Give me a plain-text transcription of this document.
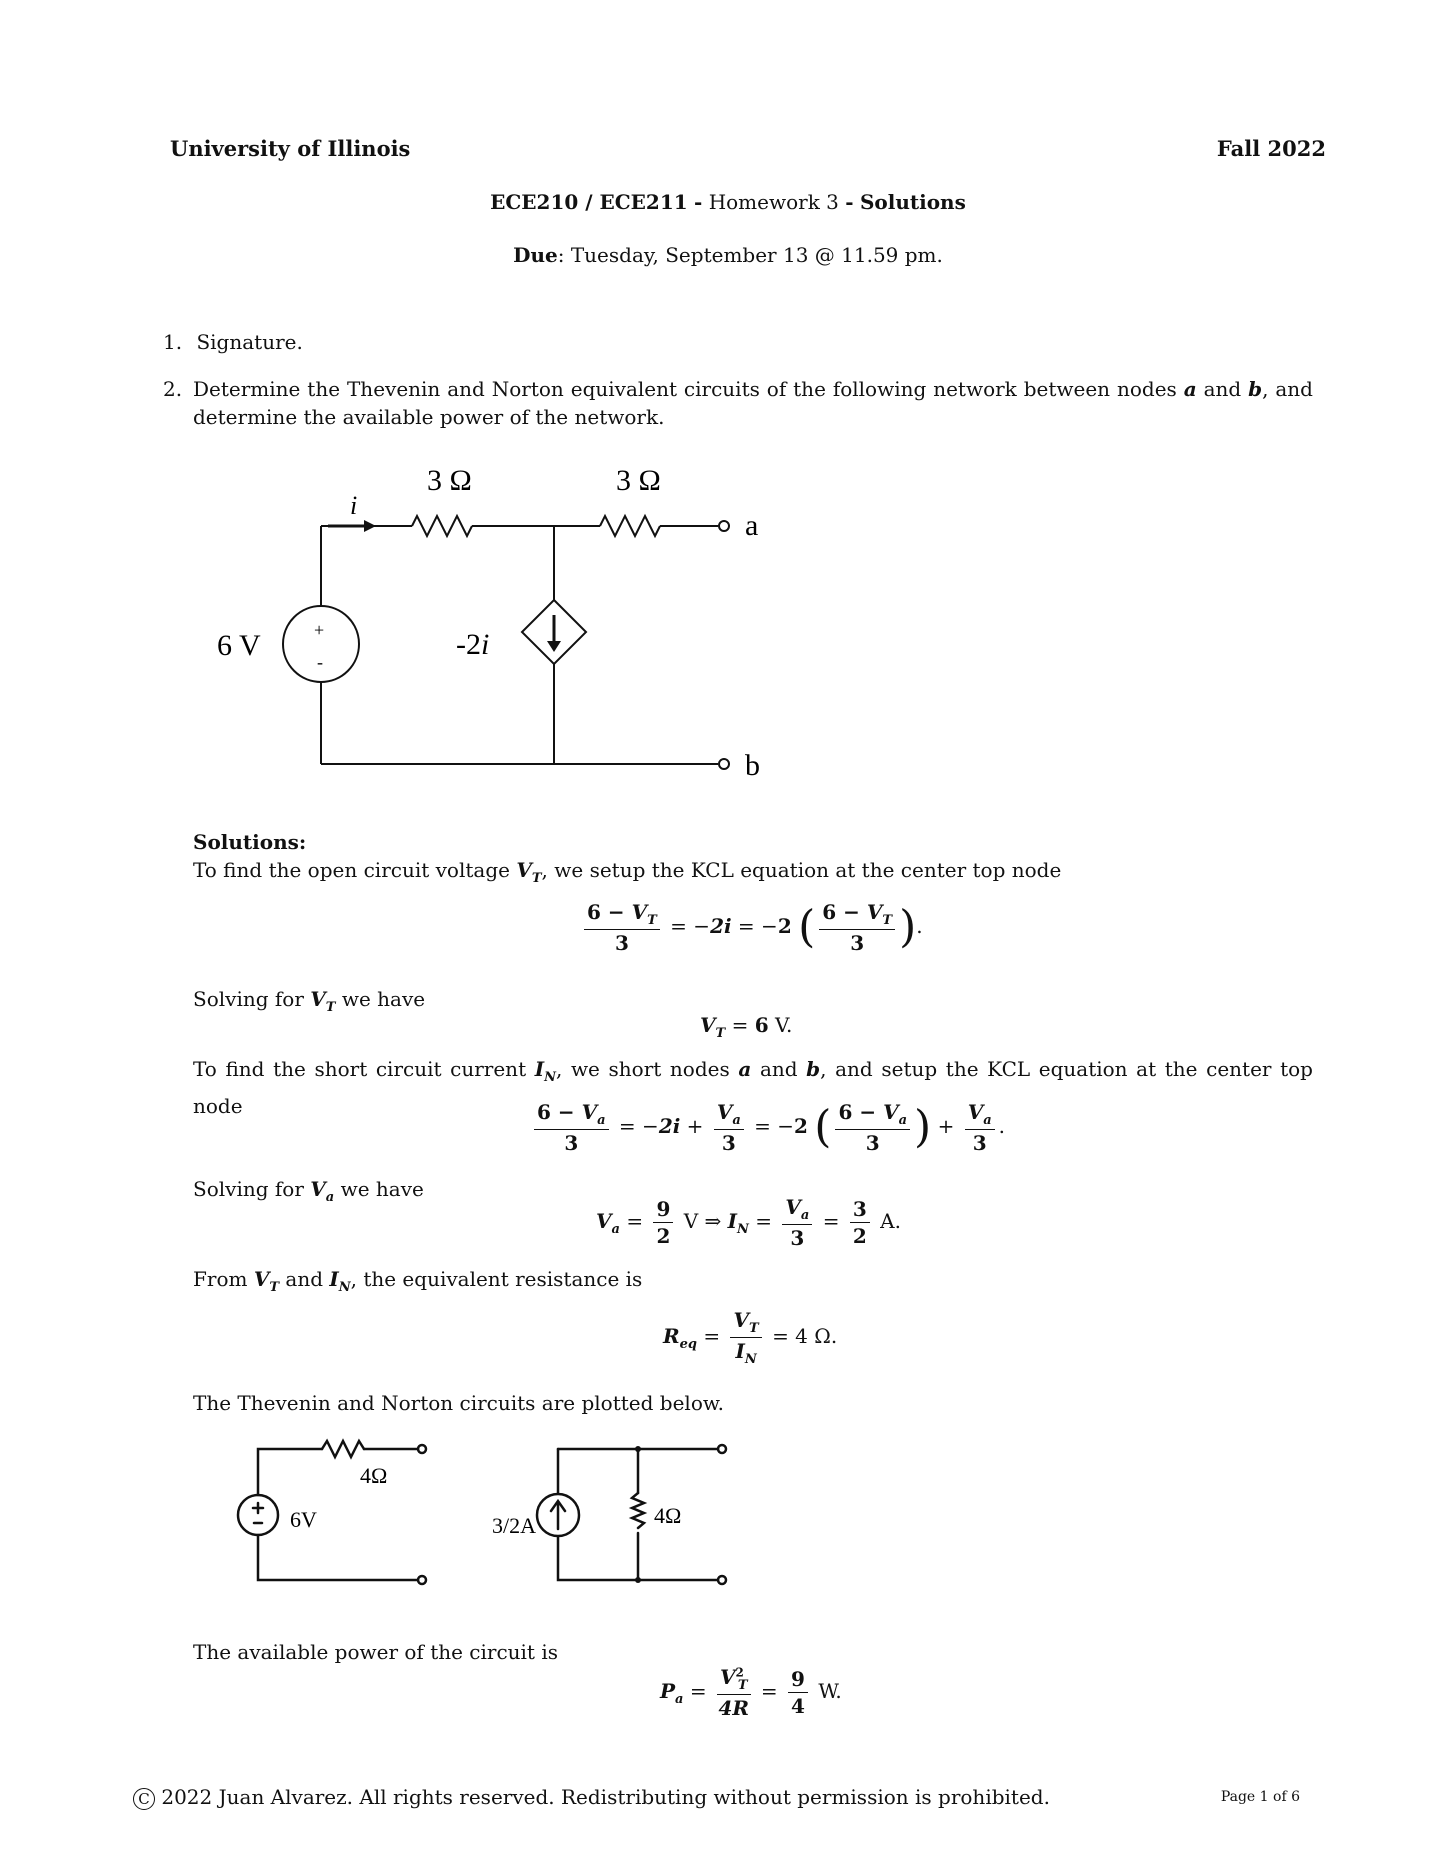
University of Illinois	Fall 2022
ECE210 / ECE211 - Homework 3 - Solutions
Due: Tuesday, September 13 @ 11.59 pm.
1. Signature.
2. Determine the Thevenin and Norton equivalent circuits of the following network between nodes a and b, and determine the available power of the network.
3 Ω	3 Ω
i
6 V	+
-
-2i
a
b
Solutions:
To find the open circuit voltage $V_T$, we setup the KCL equation at the center top node
$\frac{6 - V_T}{3} = -2i = -2$ ( $\frac{6 - V_T}{3}$ ).
Solving for $V_T$ we have
$V_T = 6$ V.
To find the short circuit current $I_N$, we short nodes a and b, and setup the KCL equation at the center top node	$\frac{6 - V_a}{3} = -2i + \frac{V_a}{3} = -2$ ( $\frac{6 - V_a}{3}$ ) + $\frac{V_a}{3}$ .
Solving for $V_a$ we have
$V_a = \frac{9}{2}$ V ⇒ $I_N = \frac{V_a}{3} = \frac{3}{2} A$.
From $V_T$ and $I_N$, the equivalent resistance is
$R_{eq} = \frac{V_T}{I_N} = 4$ Ω.
The Thevenin and Norton circuits are plotted below.
4Ω
6V	3/2A	4Ω
The available power of the circuit is
$P_a = \frac{V^2_T}{4R} = \frac{9}{4} W$.
C 2022 Juan Alvarez. All rights reserved. Redistributing without permission is prohibited.	Page 1 of 6
